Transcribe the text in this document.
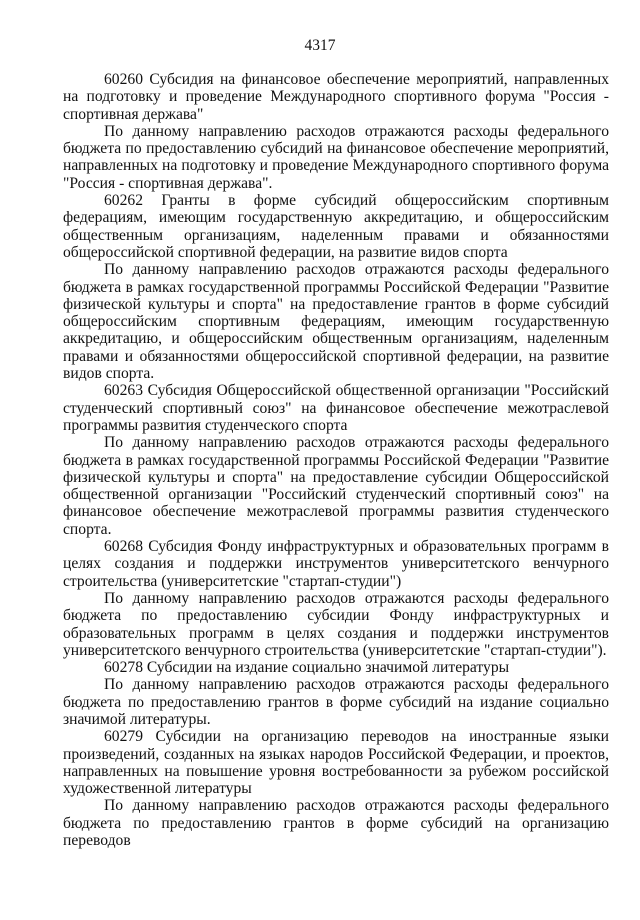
4317

60260 Субсидия на финансовое обеспечение мероприятий, направленных на подготовку и проведение Международного спортивного форума "Россия - спортивная держава"

По данному направлению расходов отражаются расходы федерального бюджета по предоставлению субсидий на финансовое обеспечение мероприятий, направленных на подготовку и проведение Международного спортивного форума "Россия - спортивная держава".

60262 Гранты в форме субсидий общероссийским спортивным федерациям, имеющим государственную аккредитацию, и общероссийским общественным организациям, наделенным правами и обязанностями общероссийской спортивной федерации, на развитие видов спорта

По данному направлению расходов отражаются расходы федерального бюджета в рамках государственной программы Российской Федерации "Развитие физической культуры и спорта" на предоставление грантов в форме субсидий общероссийским спортивным федерациям, имеющим государственную аккредитацию, и общероссийским общественным организациям, наделенным правами и обязанностями общероссийской спортивной федерации, на развитие видов спорта.

60263 Субсидия Общероссийской общественной организации "Российский студенческий спортивный союз" на финансовое обеспечение межотраслевой программы развития студенческого спорта

По данному направлению расходов отражаются расходы федерального бюджета в рамках государственной программы Российской Федерации "Развитие физической культуры и спорта" на предоставление субсидии Общероссийской общественной организации "Российский студенческий спортивный союз" на финансовое обеспечение межотраслевой программы развития студенческого спорта.

60268 Субсидия Фонду инфраструктурных и образовательных программ в целях создания и поддержки инструментов университетского венчурного строительства (университетские "стартап-студии")

По данному направлению расходов отражаются расходы федерального бюджета по предоставлению субсидии Фонду инфраструктурных и образовательных программ в целях создания и поддержки инструментов университетского венчурного строительства (университетские "стартап-студии").

60278 Субсидии на издание социально значимой литературы

По данному направлению расходов отражаются расходы федерального бюджета по предоставлению грантов в форме субсидий на издание социально значимой литературы.

60279 Субсидии на организацию переводов на иностранные языки произведений, созданных на языках народов Российской Федерации, и проектов, направленных на повышение уровня востребованности за рубежом российской художественной литературы

По данному направлению расходов отражаются расходы федерального бюджета по предоставлению грантов в форме субсидий на организацию переводов
